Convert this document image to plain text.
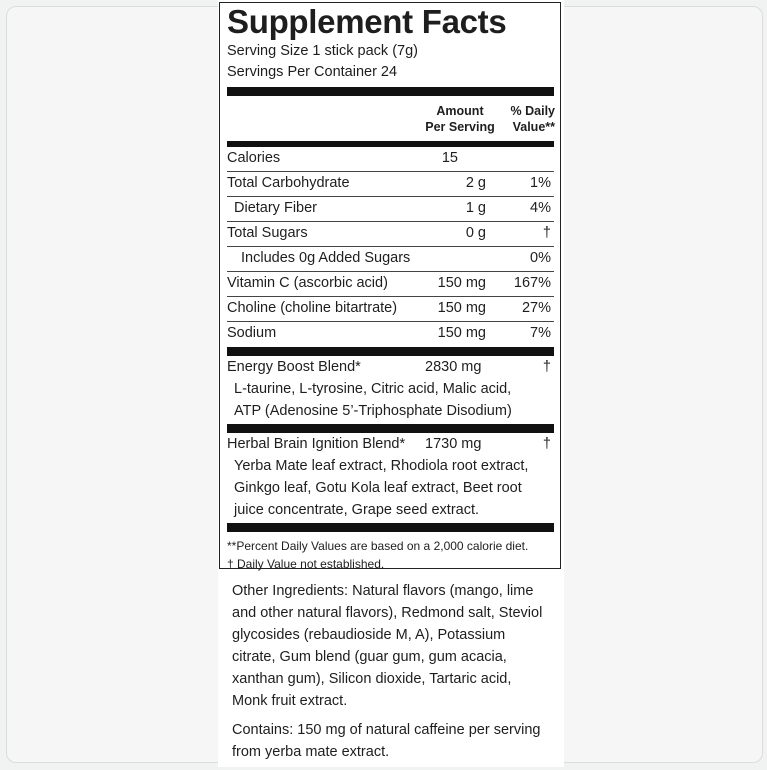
Supplement Facts
Serving Size 1 stick pack (7g)
Servings Per Container 24
Amount
Per Serving
% Daily
Value**
Calories	15
Total Carbohydrate	2 g	1%
Dietary Fiber	1 g	4%
Total Sugars	0 g	†
Includes 0g Added Sugars	0%
Vitamin C (ascorbic acid)	150 mg 167%
Choline (choline bitartrate)	150 mg 27%
Sodium	150 mg	7%
Energy Boost Blend*	2830 mg	†
L-taurine, L-tyrosine, Citric acid, Malic acid,
ATP (Adenosine 5’-Triphosphate Disodium)
Herbal Brain Ignition Blend* 1730 mg	†
Yerba Mate leaf extract, Rhodiola root extract,
Ginkgo leaf, Gotu Kola leaf extract, Beet root
juice concentrate, Grape seed extract.
**Percent Daily Values are based on a 2,000 calorie diet.
† Daily Value not established.

Other Ingredients: Natural flavors (mango, lime
and other natural flavors), Redmond salt, Steviol
glycosides (rebaudioside M, A), Potassium
citrate, Gum blend (guar gum, gum acacia,
xanthan gum), Silicon dioxide, Tartaric acid,
Monk fruit extract.

Contains: 150 mg of natural caffeine per serving
from yerba mate extract.
